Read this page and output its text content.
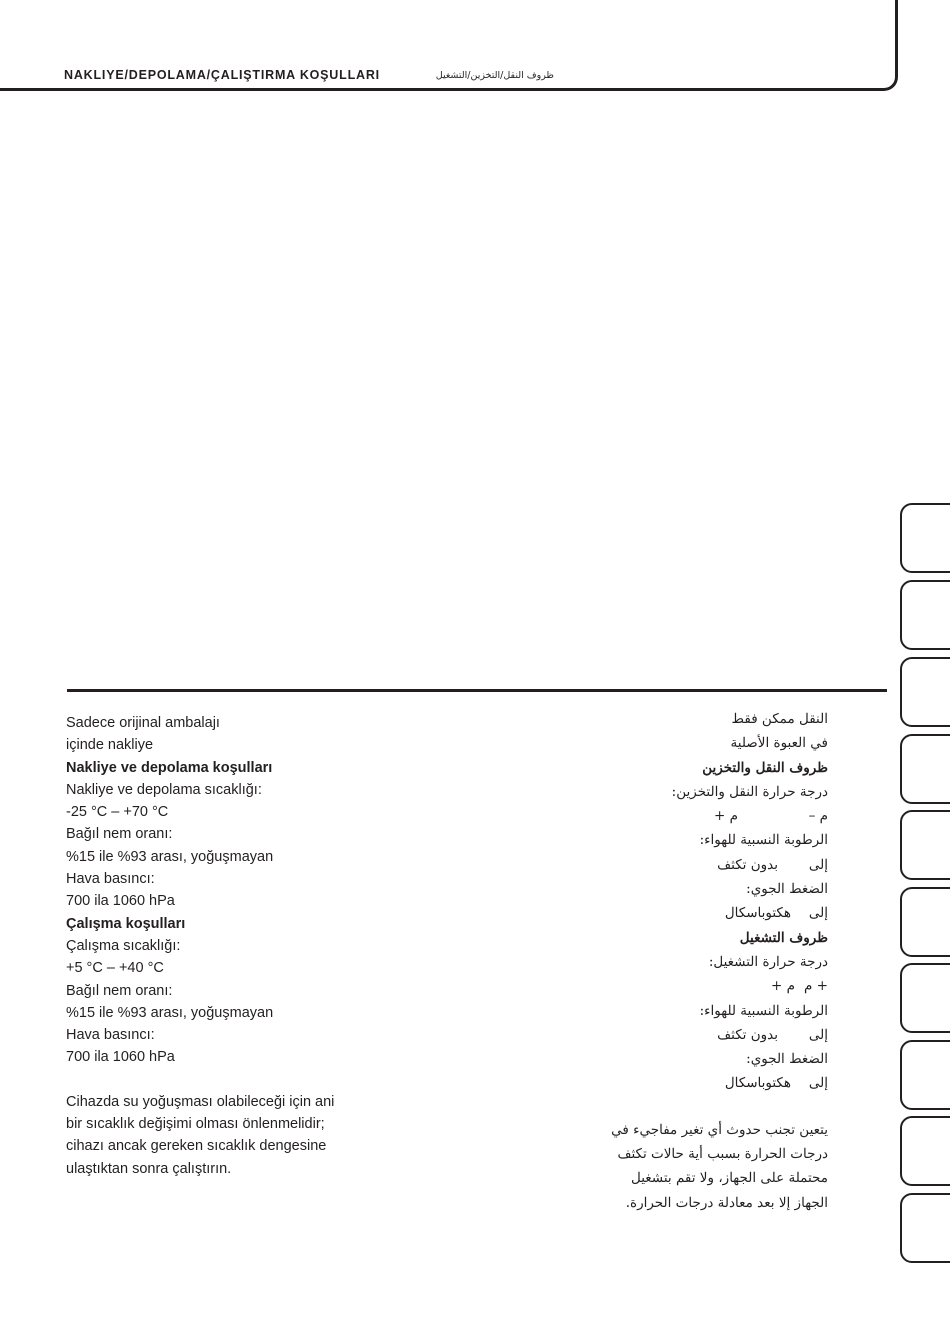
NAKLIYE/DEPOLAMA/ÇALIŞTIRMA KOŞULLARI	ظروف النقل/التخزين/التشغيل
Sadece orijinal ambalajı
içinde nakliye
Nakliye ve depolama koşulları
Nakliye ve depolama sıcaklığı:
-25 °C – +70 °C
Bağıl nem oranı:
%15 ile %93 arası, yoğuşmayan
Hava basıncı:
700 ila 1060 hPa
Çalışma koşulları
Çalışma sıcaklığı:
+5 °C – +40 °C
Bağıl nem oranı:
%15 ile %93 arası, yoğuşmayan
Hava basıncı:
700 ila 1060 hPa
Cihazda su yoğuşması olabileceği için ani
bir sıcaklık değişimi olması önlenmelidir;
cihazı ancak gereken sıcaklık dengesine
ulaştıktan sonra çalıştırın.
النقل ممكن فقط
في العبوة الأصلية
ظروف النقل والتخزين
درجة حرارة النقل والتخزين:
م –م +
الرطوبة النسبية للهواء:
إلىبدون تكثف
الضغط الجوي:
إلىهكتوباسكال
ظروف التشغيل
درجة حرارة التشغيل:
+ مم +
الرطوبة النسبية للهواء:
إلىبدون تكثف
الضغط الجوي:
إلىهكتوباسكال
يتعين تجنب حدوث أي تغير مفاجيء في
درجات الحرارة بسبب أية حالات تكثف
محتملة على الجهاز، ولا تقم بتشغيل
الجهاز إلا بعد معادلة درجات الحرارة.
